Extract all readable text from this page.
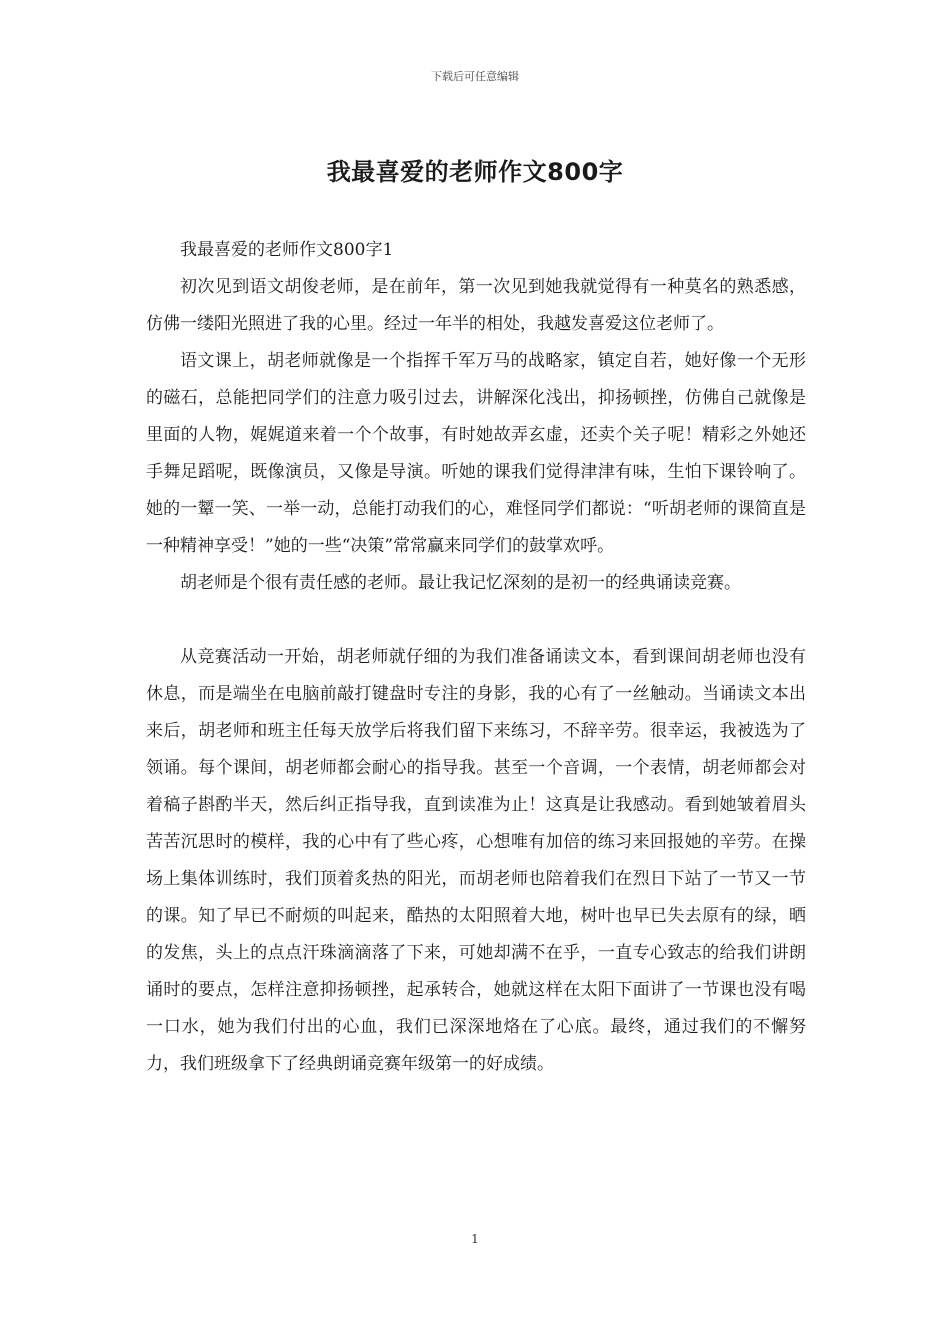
下载后可任意编辑
我最喜爱的老师作文800字

我最喜爱的老师作文800字1

初次见到语文胡俊老师，是在前年，第一次见到她我就觉得有一种莫名的熟悉感，仿佛一缕阳光照进了我的心里。经过一年半的相处，我越发喜爱这位老师了。

语文课上，胡老师就像是一个指挥千军万马的战略家，镇定自若，她好像一个无形的磁石，总能把同学们的注意力吸引过去，讲解深化浅出，抑扬顿挫，仿佛自己就像是里面的人物，娓娓道来着一个个故事，有时她故弄玄虚，还卖个关子呢！精彩之外她还手舞足蹈呢，既像演员，又像是导演。听她的课我们觉得津津有味，生怕下课铃响了。她的一颦一笑、一举一动，总能打动我们的心，难怪同学们都说：“听胡老师的课简直是一种精神享受！”她的一些“决策”常常赢来同学们的鼓掌欢呼。

胡老师是个很有责任感的老师。最让我记忆深刻的是初一的经典诵读竞赛。

从竞赛活动一开始，胡老师就仔细的为我们准备诵读文本，看到课间胡老师也没有休息，而是端坐在电脑前敲打键盘时专注的身影，我的心有了一丝触动。当诵读文本出来后，胡老师和班主任每天放学后将我们留下来练习，不辞辛劳。很幸运，我被选为了领诵。每个课间，胡老师都会耐心的指导我。甚至一个音调，一个表情，胡老师都会对着稿子斟酌半天，然后纠正指导我，直到读准为止！这真是让我感动。看到她皱着眉头苦苦沉思时的模样，我的心中有了些心疼，心想唯有加倍的练习来回报她的辛劳。在操场上集体训练时，我们顶着炙热的阳光，而胡老师也陪着我们在烈日下站了一节又一节的课。知了早已不耐烦的叫起来，酷热的太阳照着大地，树叶也早已失去原有的绿，晒的发焦，头上的点点汗珠滴滴落了下来，可她却满不在乎，一直专心致志的给我们讲朗诵时的要点，怎样注意抑扬顿挫，起承转合，她就这样在太阳下面讲了一节课也没有喝一口水，她为我们付出的心血，我们已深深地烙在了心底。最终，通过我们的不懈努力，我们班级拿下了经典朗诵竞赛年级第一的好成绩。

1
